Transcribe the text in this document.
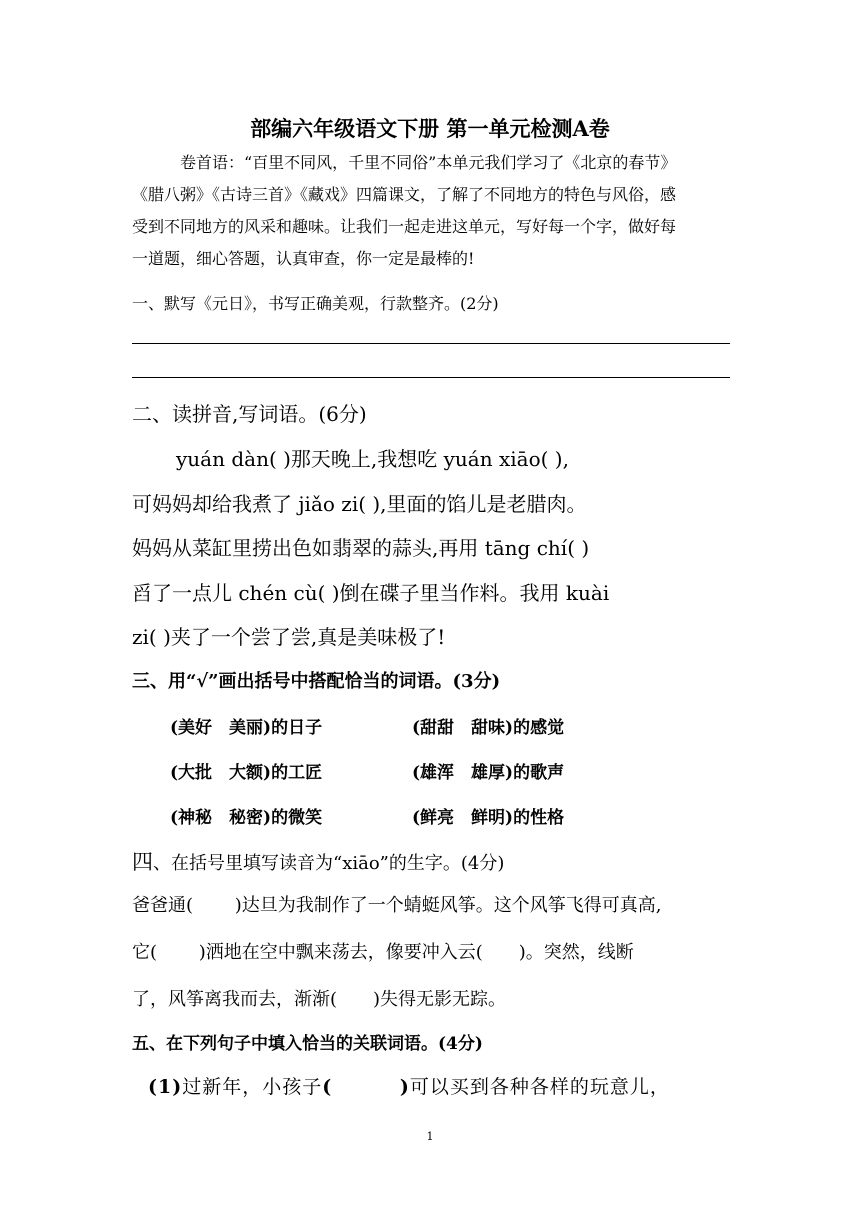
部编六年级语文下册 第一单元检测A卷

卷首语：“百里不同风，千里不同俗”本单元我们学习了《北京的春节》

《腊八粥》《古诗三首》《藏戏》四篇课文，了解了不同地方的特色与风俗，感

受到不同地方的风采和趣味。让我们一起走进这单元，写好每一个字，做好每

一道题，细心答题，认真审查，你一定是最棒的!

一、默写《元日》，书写正确美观，行款整齐。(2分)
二、读拼音,写词语。(6分)

yuán dàn( )那天晚上,我想吃 yuán xiāo( ),

可妈妈却给我煮了 jiǎo zi( ),里面的馅儿是老腊肉。

妈妈从菜缸里捞出色如翡翠的蒜头,再用 tāng chí( )

舀了一点儿 chén cù( )倒在碟子里当作料。我用 kuài

zi( )夹了一个尝了尝,真是美味极了!

三、用“√”画出括号中搭配恰当的词语。(3分)
(美好　美丽)的日子	(甜甜　甜味)的感觉
(大批　大额)的工匠	(雄浑　雄厚)的歌声
(神秘　秘密)的微笑	(鲜亮　鲜明)的性格
四、在括号里填写读音为“xiāo”的生字。(4分)

爸爸通(　 　)达旦为我制作了一个蜻蜓风筝。这个风筝飞得可真高,

它(　　 )洒地在空中飘来荡去，像要冲入云(　　)。突然，线断

了，风筝离我而去，渐渐(　　)失得无影无踪。

五、在下列句子中填入恰当的关联词语。(4分)
(1)过新年，小孩子(　　　 )可以买到各种各样的玩意儿，
1
